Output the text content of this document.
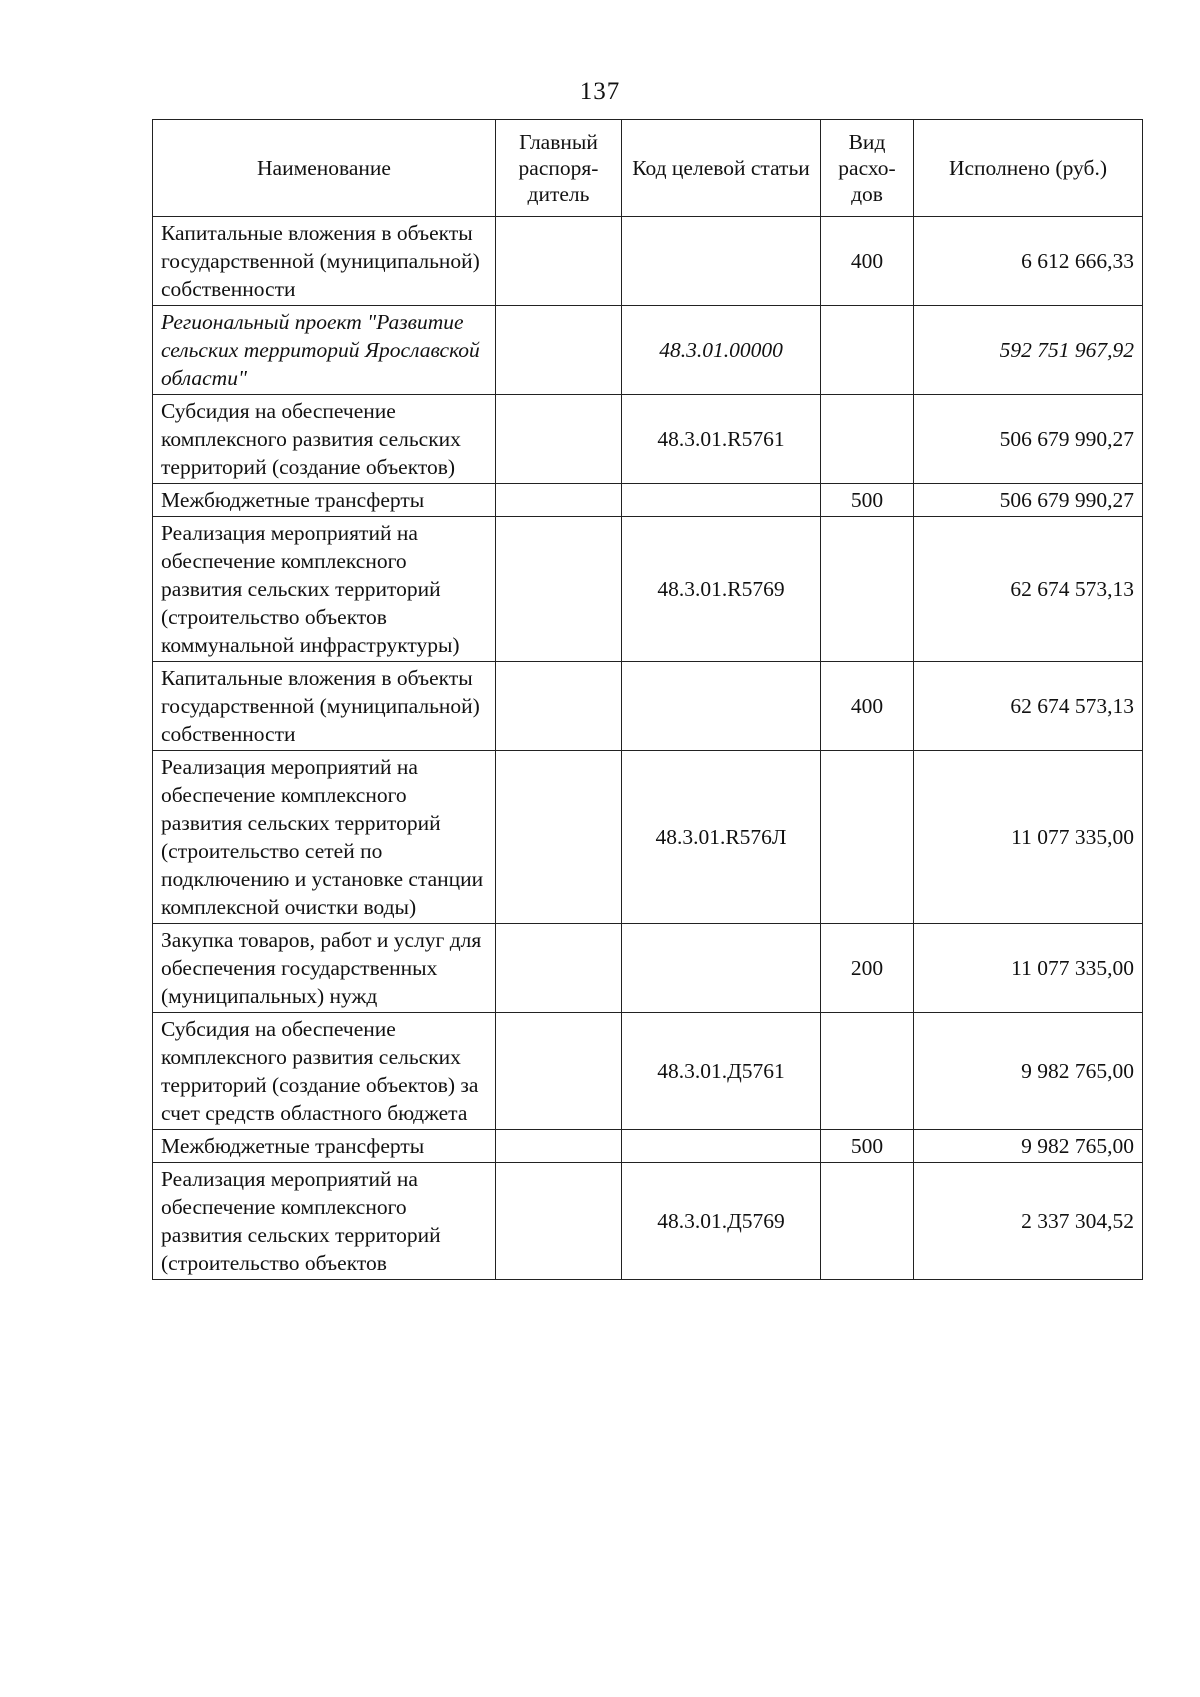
137
Наименование	Главный распоря-дитель	Код целевой статьи	Вид расхо-дов	Исполнено (руб.)
Капитальные вложения в объекты государственной (муниципальной) собственности			400	6 612 666,33
Региональный проект "Развитие сельских территорий Ярославской области"		48.3.01.00000		592 751 967,92
Субсидия на обеспечение комплексного развития сельских территорий (создание объектов)		48.3.01.R5761		506 679 990,27
Межбюджетные трансферты			500	506 679 990,27
Реализация мероприятий на обеспечение комплексного развития сельских территорий (строительство объектов коммунальной инфраструктуры)		48.3.01.R5769		62 674 573,13
Капитальные вложения в объекты государственной (муниципальной) собственности			400	62 674 573,13
Реализация мероприятий на обеспечение комплексного развития сельских территорий (строительство сетей по подключению и установке станции комплексной очистки воды)		48.3.01.R576Л		11 077 335,00
Закупка товаров, работ и услуг для обеспечения государственных (муниципальных) нужд			200	11 077 335,00
Субсидия на обеспечение комплексного развития сельских территорий (создание объектов) за счет средств областного бюджета		48.3.01.Д5761		9 982 765,00
Межбюджетные трансферты			500	9 982 765,00
Реализация мероприятий на обеспечение комплексного развития сельских территорий (строительство объектов		48.3.01.Д5769		2 337 304,52
